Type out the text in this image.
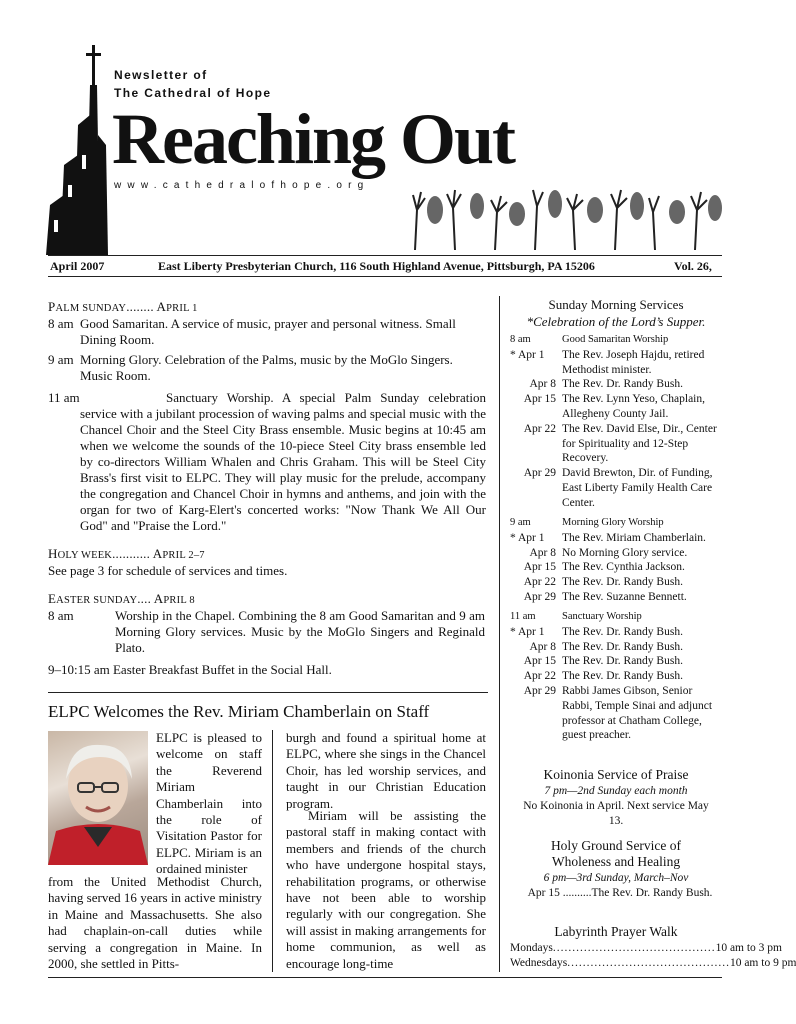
Newsletter of
The Cathedral of Hope
Reaching Out
www.cathedralofhope.org
April 2007	East Liberty Presbyterian Church, 116 South Highland Avenue, Pittsburgh, PA 15206	Vol. 26,
PALM SUNDAY........ APRIL 1
8 am Good Samaritan. A service of music, prayer and personal witness. Small Dining Room.
9 am Morning Glory. Celebration of the Palms, music by the MoGlo Singers. Music Room.
11 am	Sanctuary Worship. A special Palm Sunday celebration service with a jubilant procession of waving palms and special music with the Chancel Choir and the Steel City Brass ensemble. Music begins at 10:45 am when we welcome the sounds of the 10-piece Steel City brass ensemble led by co-directors William Whalen and Chris Graham. This will be Steel City Brass's first visit to ELPC. They will play music for the prelude, accompany the congregation and Chancel Choir in hymns and anthems, and join with the organ for two of Karg-Elert's concerted works: "Now Thank We All Our God" and "Praise the Lord."
HOLY WEEK........... APRIL 2–7
See page 3 for schedule of services and times.
EASTER SUNDAY.... APRIL 8
8 am	Worship in the Chapel. Combining the 8 am Good Samaritan and 9 am Morning Glory services. Music by the MoGlo Singers and Reginald Plato.
9–10:15 am Easter Breakfast Buffet in the Social Hall.
ELPC Welcomes the Rev. Miriam Chamberlain on Staff
ELPC is pleased to welcome on staff the Reverend Miriam Chamberlain into the role of Visitation Pastor for ELPC. Miriam is an ordained minister
from the United Methodist Church, having served 16 years in active ministry in Maine and Massachusetts. She also had chaplain-on-call duties while serving a congregation in Maine. In 2000, she settled in Pitts-
burgh and found a spiritual home at ELPC, where she sings in the Chancel Choir, has led worship services, and taught in our Christian Education program.
Miriam will be assisting the pastoral staff in making contact with members and friends of the church who have undergone hospital stays, rehabilitation programs, or otherwise have not been able to worship regularly with our congregation. She will assist in making arrangements for home communion, as well as encourage long-time
Sunday Morning Services
*Celebration of the Lord’s Supper.
8 am	Good Samaritan Worship
* Apr 1	The Rev. Joseph Hajdu, retired Methodist minister.
Apr 8 The Rev. Dr. Randy Bush.
Apr 15 The Rev. Lynn Yeso, Chaplain, Allegheny County Jail.
Apr 22 The Rev. David Else, Dir., Center for Spirituality and 12-Step Recovery.
Apr 29 David Brewton, Dir. of Funding, East Liberty Family Health Care Center.
9 am	Morning Glory Worship
* Apr 1	The Rev. Miriam Chamberlain.
Apr 8 No Morning Glory service.
Apr 15 The Rev. Cynthia Jackson.
Apr 22 The Rev. Dr. Randy Bush.
Apr 29 The Rev. Suzanne Bennett.
11 am	Sanctuary Worship
* Apr 1	The Rev. Dr. Randy Bush.
Apr 8 The Rev. Dr. Randy Bush.
Apr 15 The Rev. Dr. Randy Bush.
Apr 22 The Rev. Dr. Randy Bush.
Apr 29 Rabbi James Gibson, Senior Rabbi, Temple Sinai and adjunct professor at Chatham College, guest preacher.
Koinonia Service of Praise
7 pm—2nd Sunday each month
No Koinonia in April. Next service May 13.
Holy Ground Service of
Wholeness and Healing
6 pm—3rd Sunday, March–Nov
Apr 15 ..........The Rev. Dr. Randy Bush.
Labyrinth Prayer Walk
Mondays .......................................... 10 am to 3 pm
Wednesdays .......................................... 10 am to 9 pm
